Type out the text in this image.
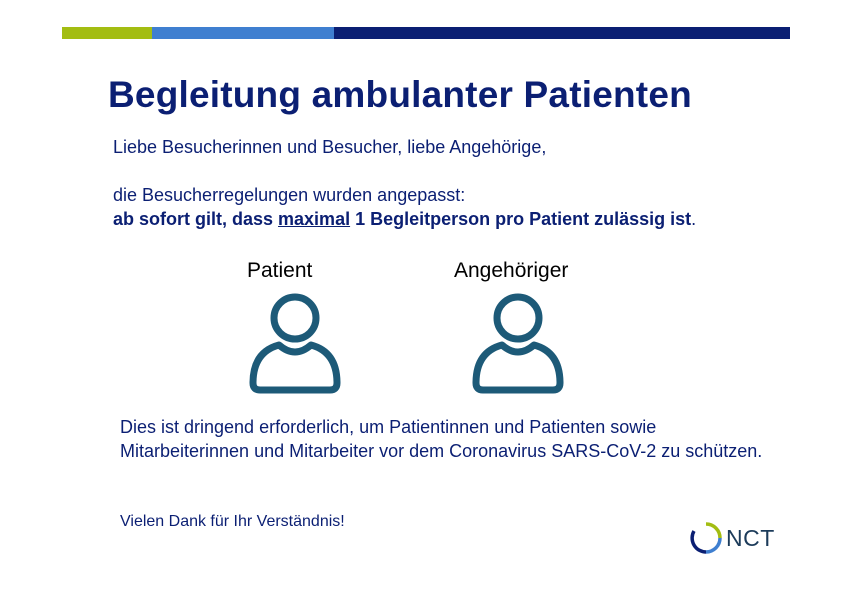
Begleitung ambulanter Patienten

Liebe Besucherinnen und Besucher, liebe Angehörige,

die Besucherregelungen wurden angepasst:

ab sofort gilt, dass maximal 1 Begleitperson pro Patient zulässig ist.

Patient	Angehöriger

Dies ist dringend erforderlich, um Patientinnen und Patienten sowie Mitarbeiterinnen und Mitarbeiter vor dem Coronavirus SARS-CoV-2 zu schützen.

Vielen Dank für Ihr Verständnis!

NCT
